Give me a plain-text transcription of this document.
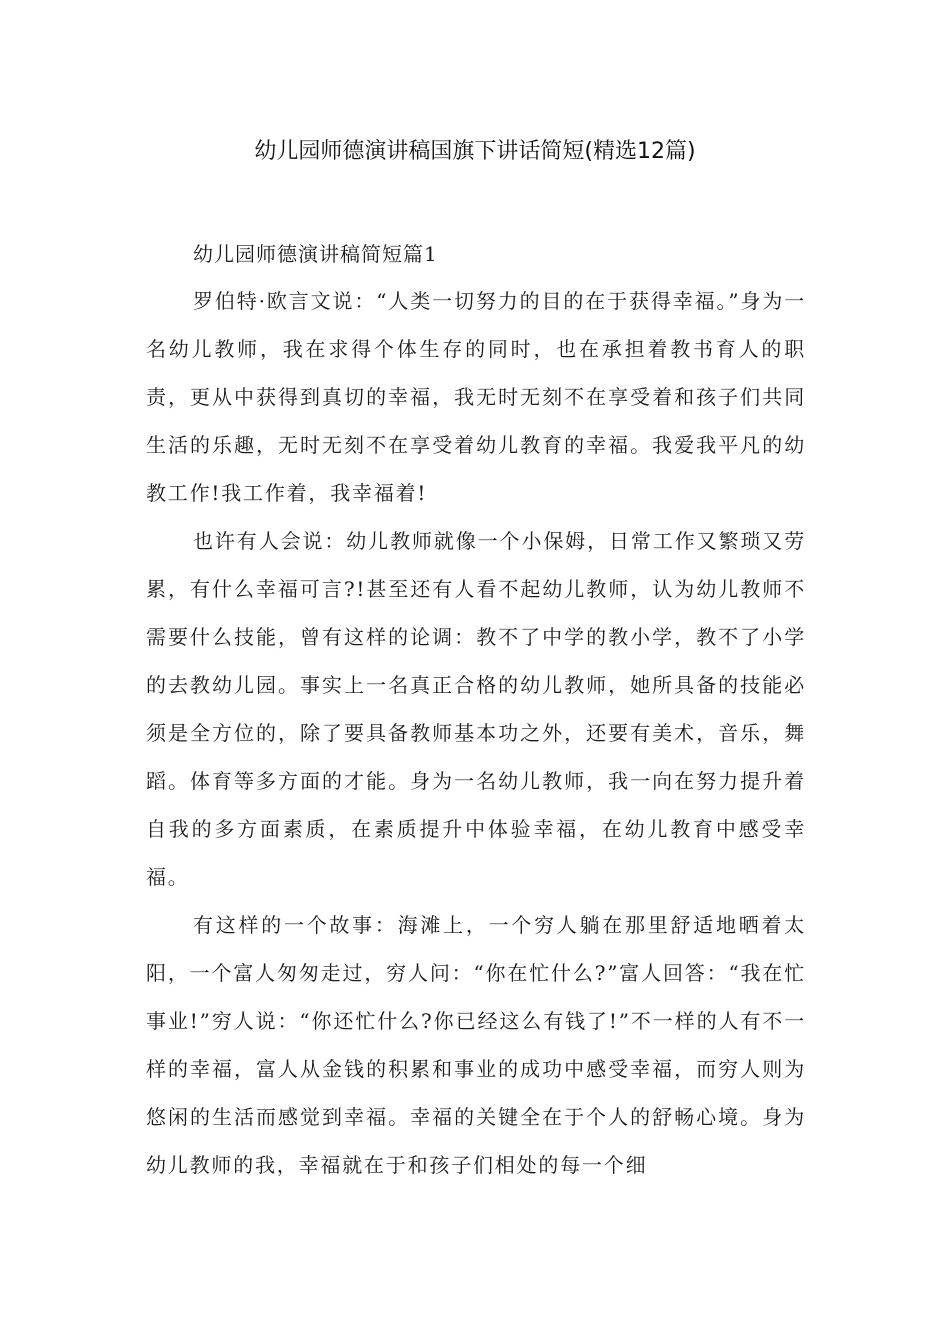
幼儿园师德演讲稿国旗下讲话简短(精选12篇)
幼儿园师德演讲稿简短篇1

罗伯特·欧言文说：“人类一切努力的目的在于获得幸福。”身为一名幼儿教师，我在求得个体生存的同时，也在承担着教书育人的职责，更从中获得到真切的幸福，我无时无刻不在享受着和孩子们共同生活的乐趣，无时无刻不在享受着幼儿教育的幸福。我爱我平凡的幼教工作!我工作着，我幸福着!

也许有人会说：幼儿教师就像一个小保姆，日常工作又繁琐又劳累，有什么幸福可言?!甚至还有人看不起幼儿教师，认为幼儿教师不需要什么技能，曾有这样的论调：教不了中学的教小学，教不了小学的去教幼儿园。事实上一名真正合格的幼儿教师，她所具备的技能必须是全方位的，除了要具备教师基本功之外，还要有美术，音乐，舞蹈。体育等多方面的才能。身为一名幼儿教师，我一向在努力提升着自我的多方面素质，在素质提升中体验幸福，在幼儿教育中感受幸福。

有这样的一个故事：海滩上，一个穷人躺在那里舒适地晒着太阳，一个富人匆匆走过，穷人问：“你在忙什么?”富人回答：“我在忙事业!”穷人说：“你还忙什么?你已经这么有钱了!”不一样的人有不一样的幸福，富人从金钱的积累和事业的成功中感受幸福，而穷人则为悠闲的生活而感觉到幸福。幸福的关键全在于个人的舒畅心境。身为幼儿教师的我，幸福就在于和孩子们相处的每一个细
